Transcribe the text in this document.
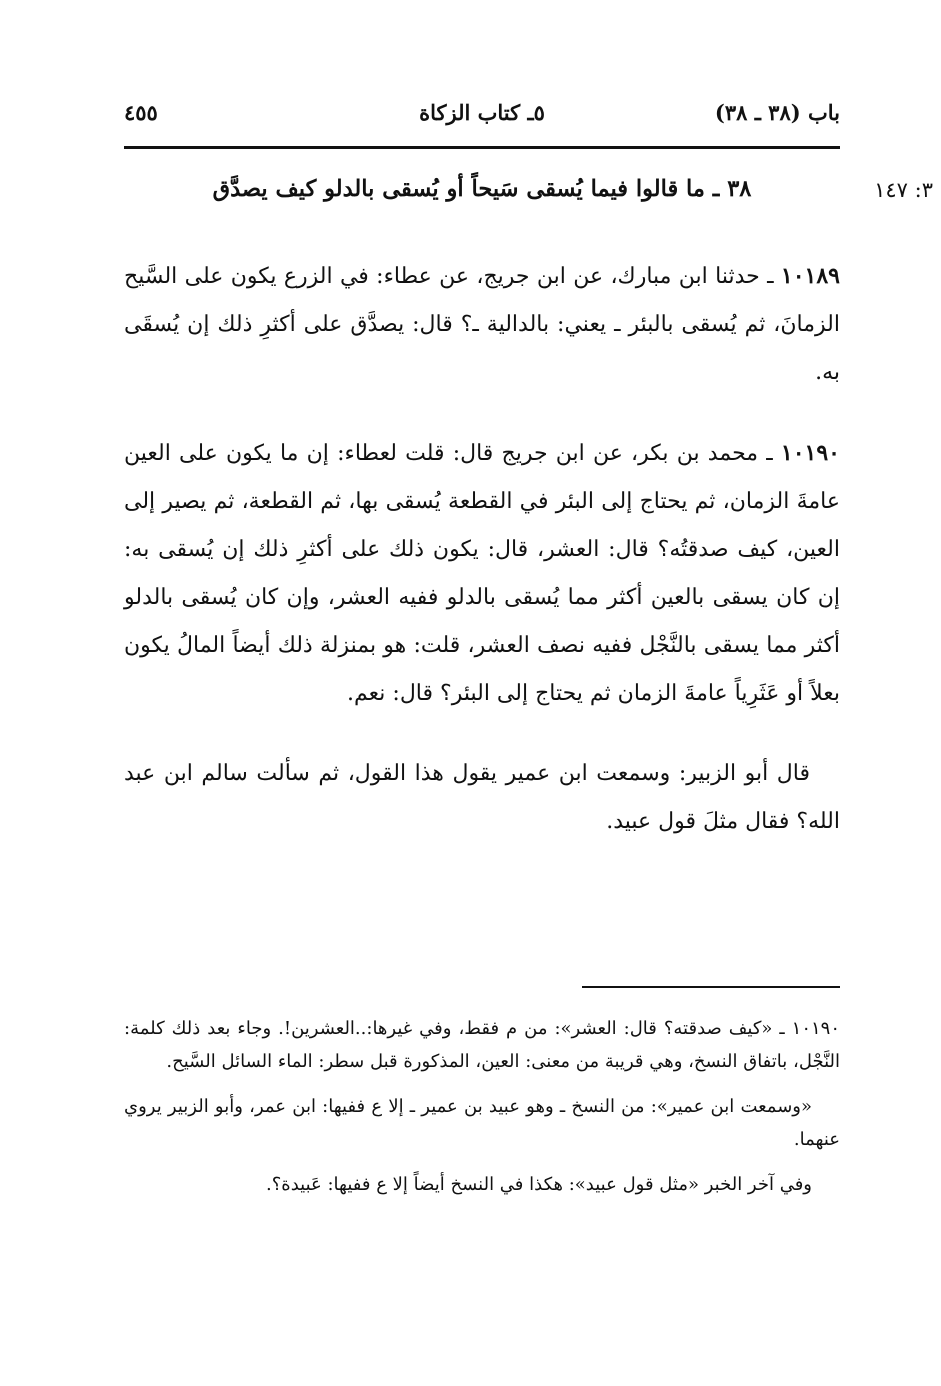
باب (٣٨ ـ ٣٨)
٥ـ كتاب الزكاة
٤٥٥
٣: ١٤٧
٣٨ ـ ما قالوا فيما يُسقى سَيحاً أو يُسقى بالدلو كيف يصدَّق

١٠١٨٩ ـ حدثنا ابن مبارك، عن ابن جريج، عن عطاء: في الزرع يكون على السَّيح الزمانَ، ثم يُسقى بالبئر ـ يعني: بالدالية ـ؟ قال: يصدَّق على أكثرِ ذلك إن يُسقَى به.

١٠١٩٠ ـ محمد بن بكر، عن ابن جريج قال: قلت لعطاء: إن ما يكون على العين عامةَ الزمان، ثم يحتاج إلى البئر في القطعة يُسقى بها، ثم القطعة، ثم يصير إلى العين، كيف صدقتُه؟ قال: العشر، قال: يكون ذلك على أكثرِ ذلك إن يُسقى به: إن كان يسقى بالعين أكثر مما يُسقى بالدلو ففيه العشر، وإن كان يُسقى بالدلو أكثر مما يسقى بالنَّجْل ففيه نصف العشر، قلت: هو بمنزلة ذلك أيضاً المالُ يكون بعلاً أو عَثَرِياً عامةَ الزمان ثم يحتاج إلى البئر؟ قال: نعم.

قال أبو الزبير: وسمعت ابن عمير يقول هذا القول، ثم سألت سالم ابن عبد الله؟ فقال مثلَ قول عبيد.

١٠١٩٠ ـ «كيف صدقته؟ قال: العشر»: من م فقط، وفي غيرها:..العشرين!. وجاء بعد ذلك كلمة: النَّجْل، باتفاق النسخ، وهي قريبة من معنى: العين، المذكورة قبل سطر: الماء السائل السَّيح.

«وسمعت ابن عمير»: من النسخ ـ وهو عبيد بن عمير ـ إلا ع ففيها: ابن عمر، وأبو الزبير يروي عنهما.

وفي آخر الخبر «مثل قول عبيد»: هكذا في النسخ أيضاً إلا ع ففيها: عَبيدة؟.
